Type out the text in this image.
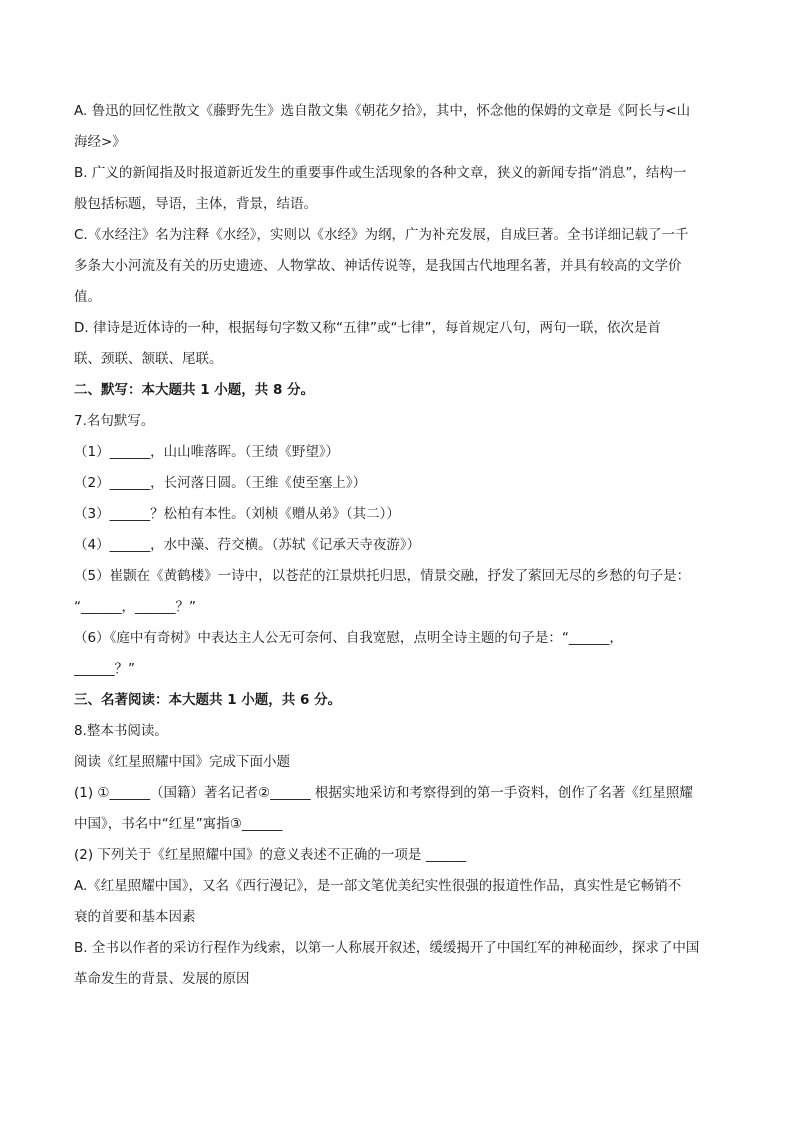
A. 鲁迅的回忆性散文《藤野先生》选自散文集《朝花夕拾》，其中，怀念他的保姆的文章是《阿长与<山
海经>》
B. 广义的新闻指及时报道新近发生的重要事件或生活现象的各种文章，狭义的新闻专指“消息”，结构一
般包括标题，导语，主体，背景，结语。
C.《水经注》名为注释《水经》，实则以《水经》为纲，广为补充发展，自成巨著。全书详细记载了一千
多条大小河流及有关的历史遗迹、人物掌故、神话传说等，是我国古代地理名著，并具有较高的文学价
值。
D. 律诗是近体诗的一种，根据每句字数又称“五律”或“七律”，每首规定八句，两句一联，依次是首
联、颈联、颔联、尾联。
二、默写：本大题共 1 小题，共 8 分。
7.名句默写。
（1）______，山山唯落晖。（王绩《野望》）
（2）______，长河落日圆。（王维《使至塞上》）
（3）______？松柏有本性。（刘桢《赠从弟》（其二））
（4）______，水中藻、荇交横。（苏轼《记承天寺夜游》）
（5）崔颢在《黄鹤楼》一诗中，以苍茫的江景烘托归思，情景交融，抒发了萦回无尽的乡愁的句子是：
“______，______？”
（6）《庭中有奇树》中表达主人公无可奈何、自我宽慰，点明全诗主题的句子是：“______，
______？”
三、名著阅读：本大题共 1 小题，共 6 分。
8.整本书阅读。
阅读《红星照耀中国》完成下面小题
(1) ①______（国籍）著名记者②______ 根据实地采访和考察得到的第一手资料，创作了名著《红星照耀
中国》，书名中“红星”寓指③______
(2) 下列关于《红星照耀中国》的意义表述不正确的一项是 ______
A.《红星照耀中国》，又名《西行漫记》，是一部文笔优美纪实性很强的报道性作品，真实性是它畅销不
衰的首要和基本因素
B. 全书以作者的采访行程作为线索，以第一人称展开叙述，缓缓揭开了中国红军的神秘面纱，探求了中国
革命发生的背景、发展的原因
